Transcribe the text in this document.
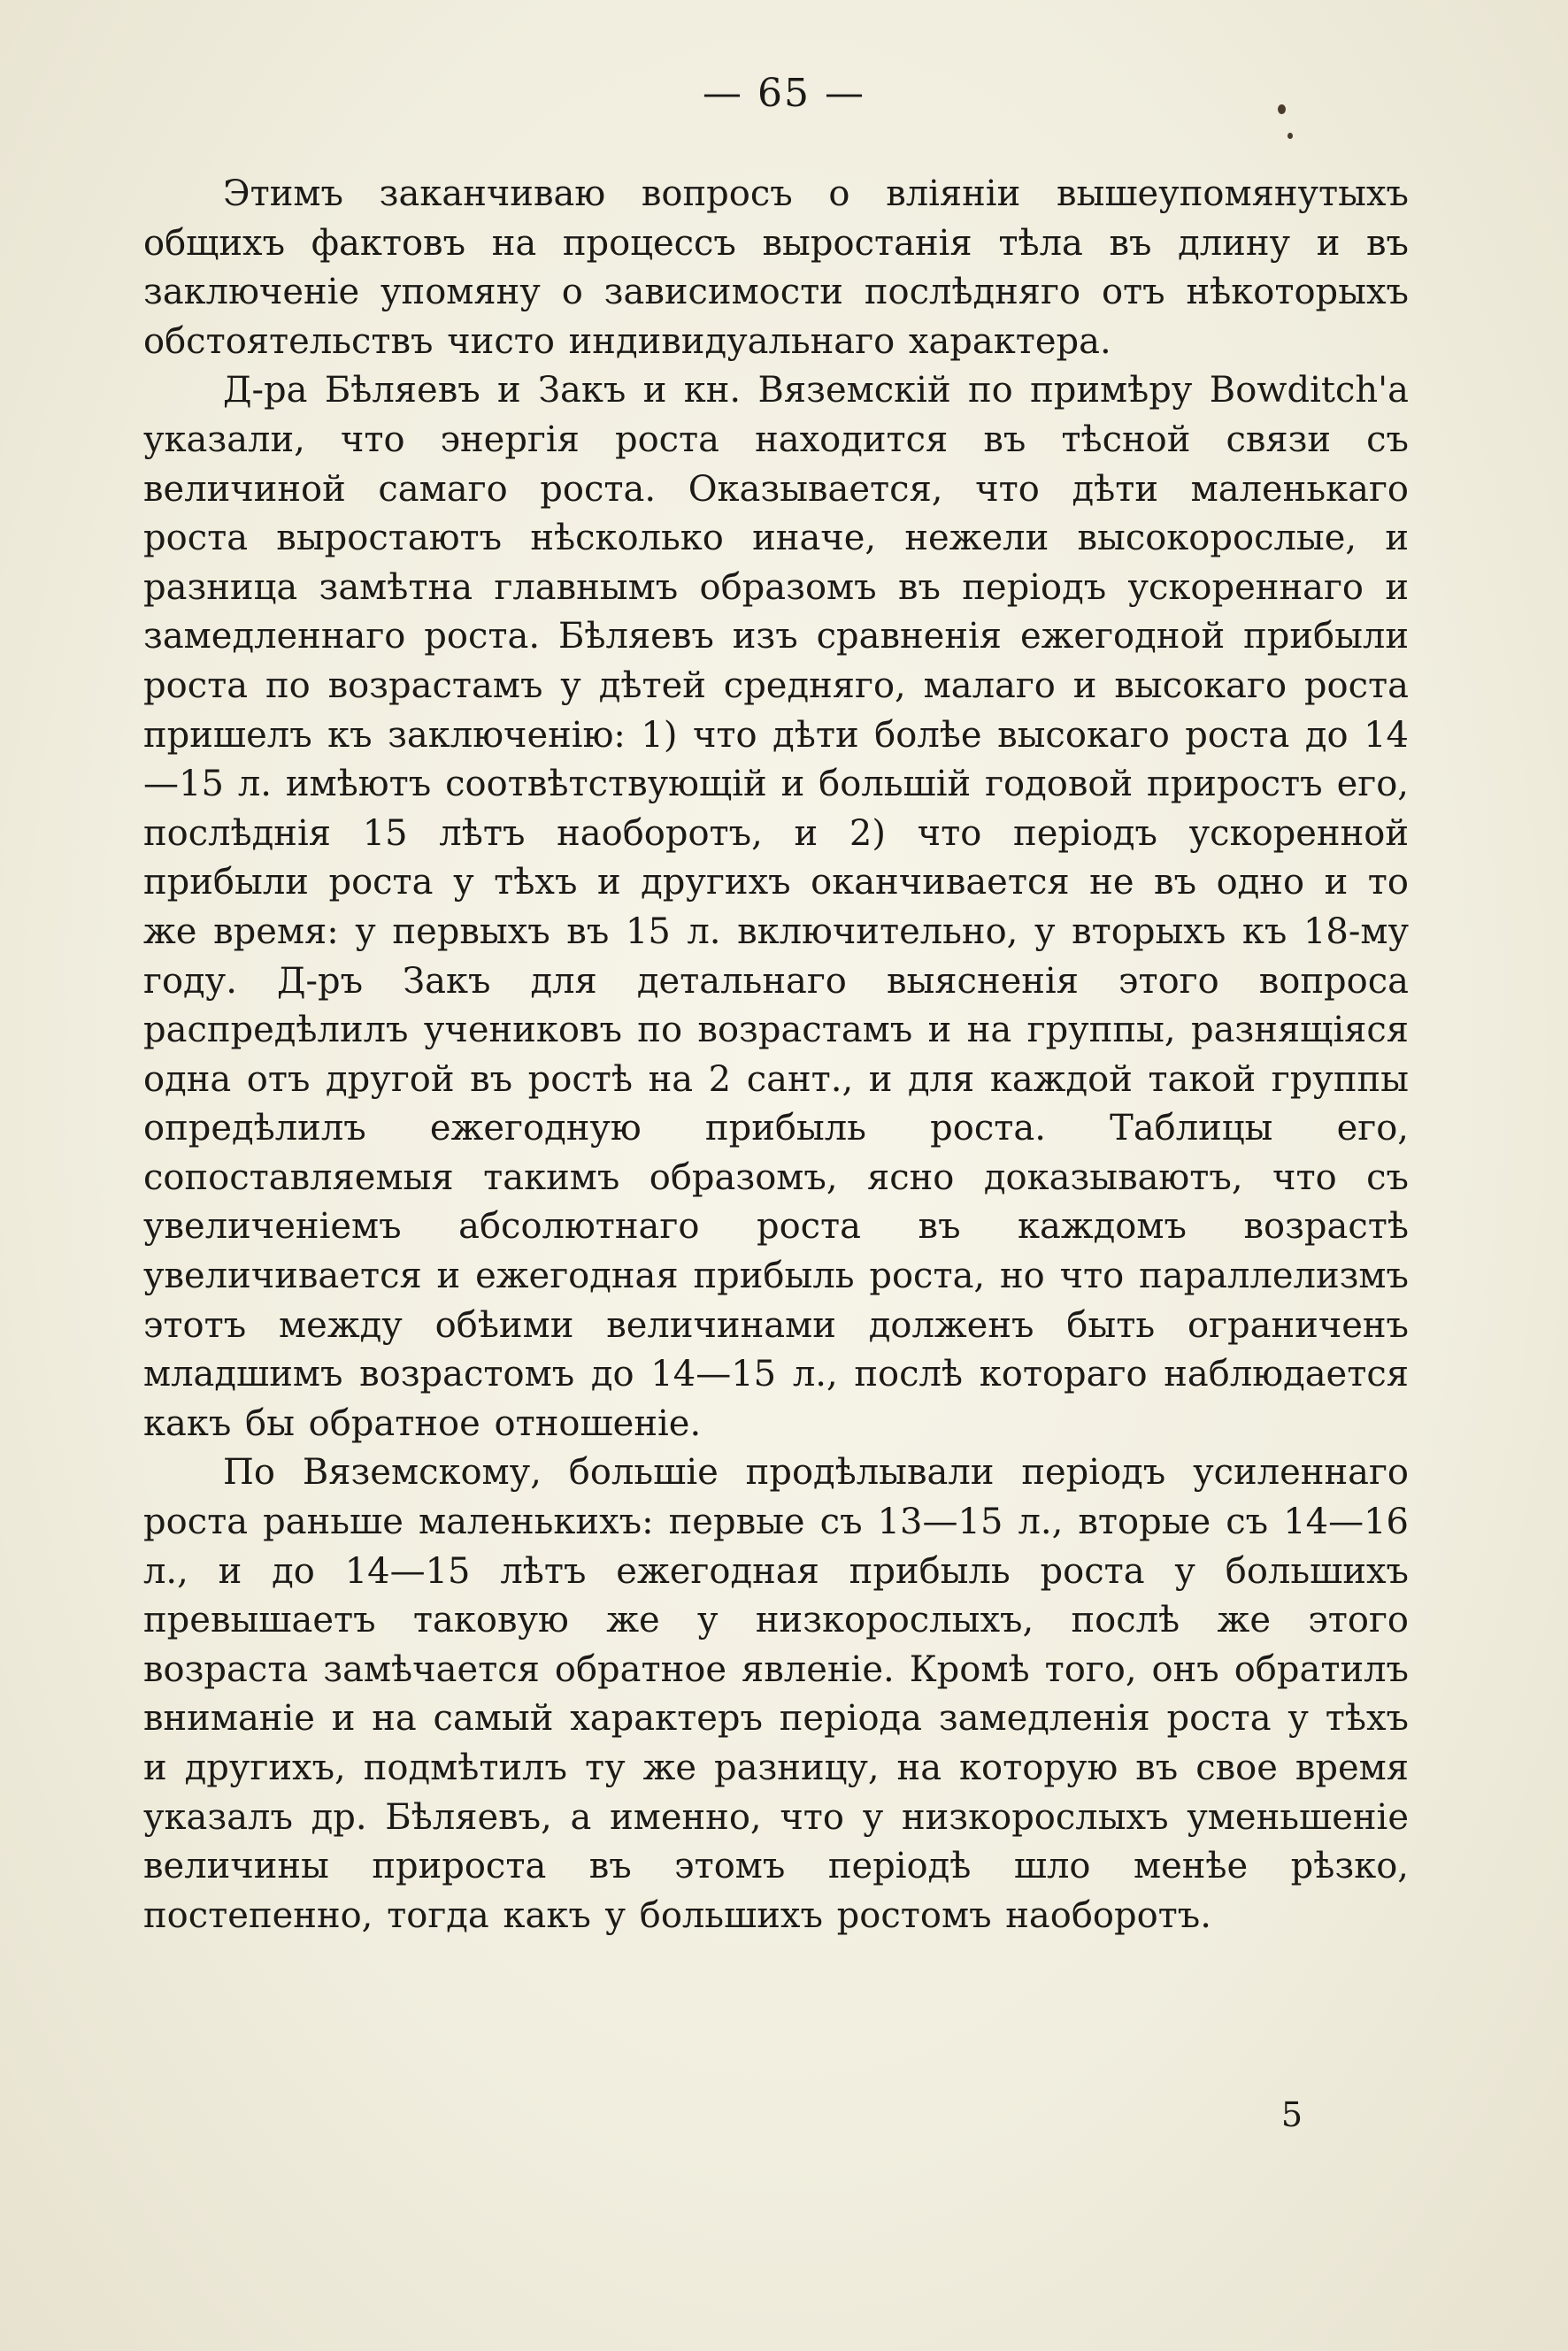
— 65 —

Этимъ заканчиваю вопросъ о вліяніи вышеупомянутыхъ общихъ фактовъ на процессъ выростанія тѣла въ длину и въ заключеніе упомяну о зависимости послѣдняго отъ нѣкоторыхъ обстоятельствъ чисто индивидуальнаго характера.

Д-ра Бѣляевъ и Закъ и кн. Вяземскій по примѣру Bowditch'a указали, что энергія роста находится въ тѣсной связи съ величиной самаго роста. Оказывается, что дѣти маленькаго роста выростаютъ нѣсколько иначе, нежели высокорослые, и разница замѣтна главнымъ образомъ въ періодъ ускореннаго и замедленнаго роста. Бѣляевъ изъ сравненія ежегодной прибыли роста по возрастамъ у дѣтей средняго, малаго и высокаго роста пришелъ къ заключенію: 1) что дѣти болѣе высокаго роста до 14—15 л. имѣютъ соотвѣтствующій и большій годовой приростъ его, послѣднія 15 лѣтъ наоборотъ, и 2) что періодъ ускоренной прибыли роста у тѣхъ и другихъ оканчивается не въ одно и то же время: у первыхъ въ 15 л. включительно, у вторыхъ къ 18-му году. Д-ръ Закъ для детальнаго выясненія этого вопроса распредѣлилъ учениковъ по возрастамъ и на группы, разнящіяся одна отъ другой въ ростѣ на 2 сант., и для каждой такой группы опредѣлилъ ежегодную прибыль роста. Таблицы его, сопоставляемыя такимъ образомъ, ясно доказываютъ, что съ увеличеніемъ абсолютнаго роста въ каждомъ возрастѣ увеличивается и ежегодная прибыль роста, но что параллелизмъ этотъ между обѣими величинами долженъ быть ограниченъ младшимъ возрастомъ до 14—15 л., послѣ котораго наблюдается какъ бы обратное отношеніе.

По Вяземскому, большіе продѣлывали періодъ усиленнаго роста раньше маленькихъ: первые съ 13—15 л., вторые съ 14—16 л., и до 14—15 лѣтъ ежегодная прибыль роста у большихъ превышаетъ таковую же у низкорослыхъ, послѣ же этого возраста замѣчается обратное явленіе. Кромѣ того, онъ обратилъ вниманіе и на самый характеръ періода замедленія роста у тѣхъ и другихъ, подмѣтилъ ту же разницу, на которую въ свое время указалъ др. Бѣляевъ, а именно, что у низкорослыхъ уменьшеніе величины прироста въ этомъ періодѣ шло менѣе рѣзко, постепенно, тогда какъ у большихъ ростомъ наоборотъ.

5
